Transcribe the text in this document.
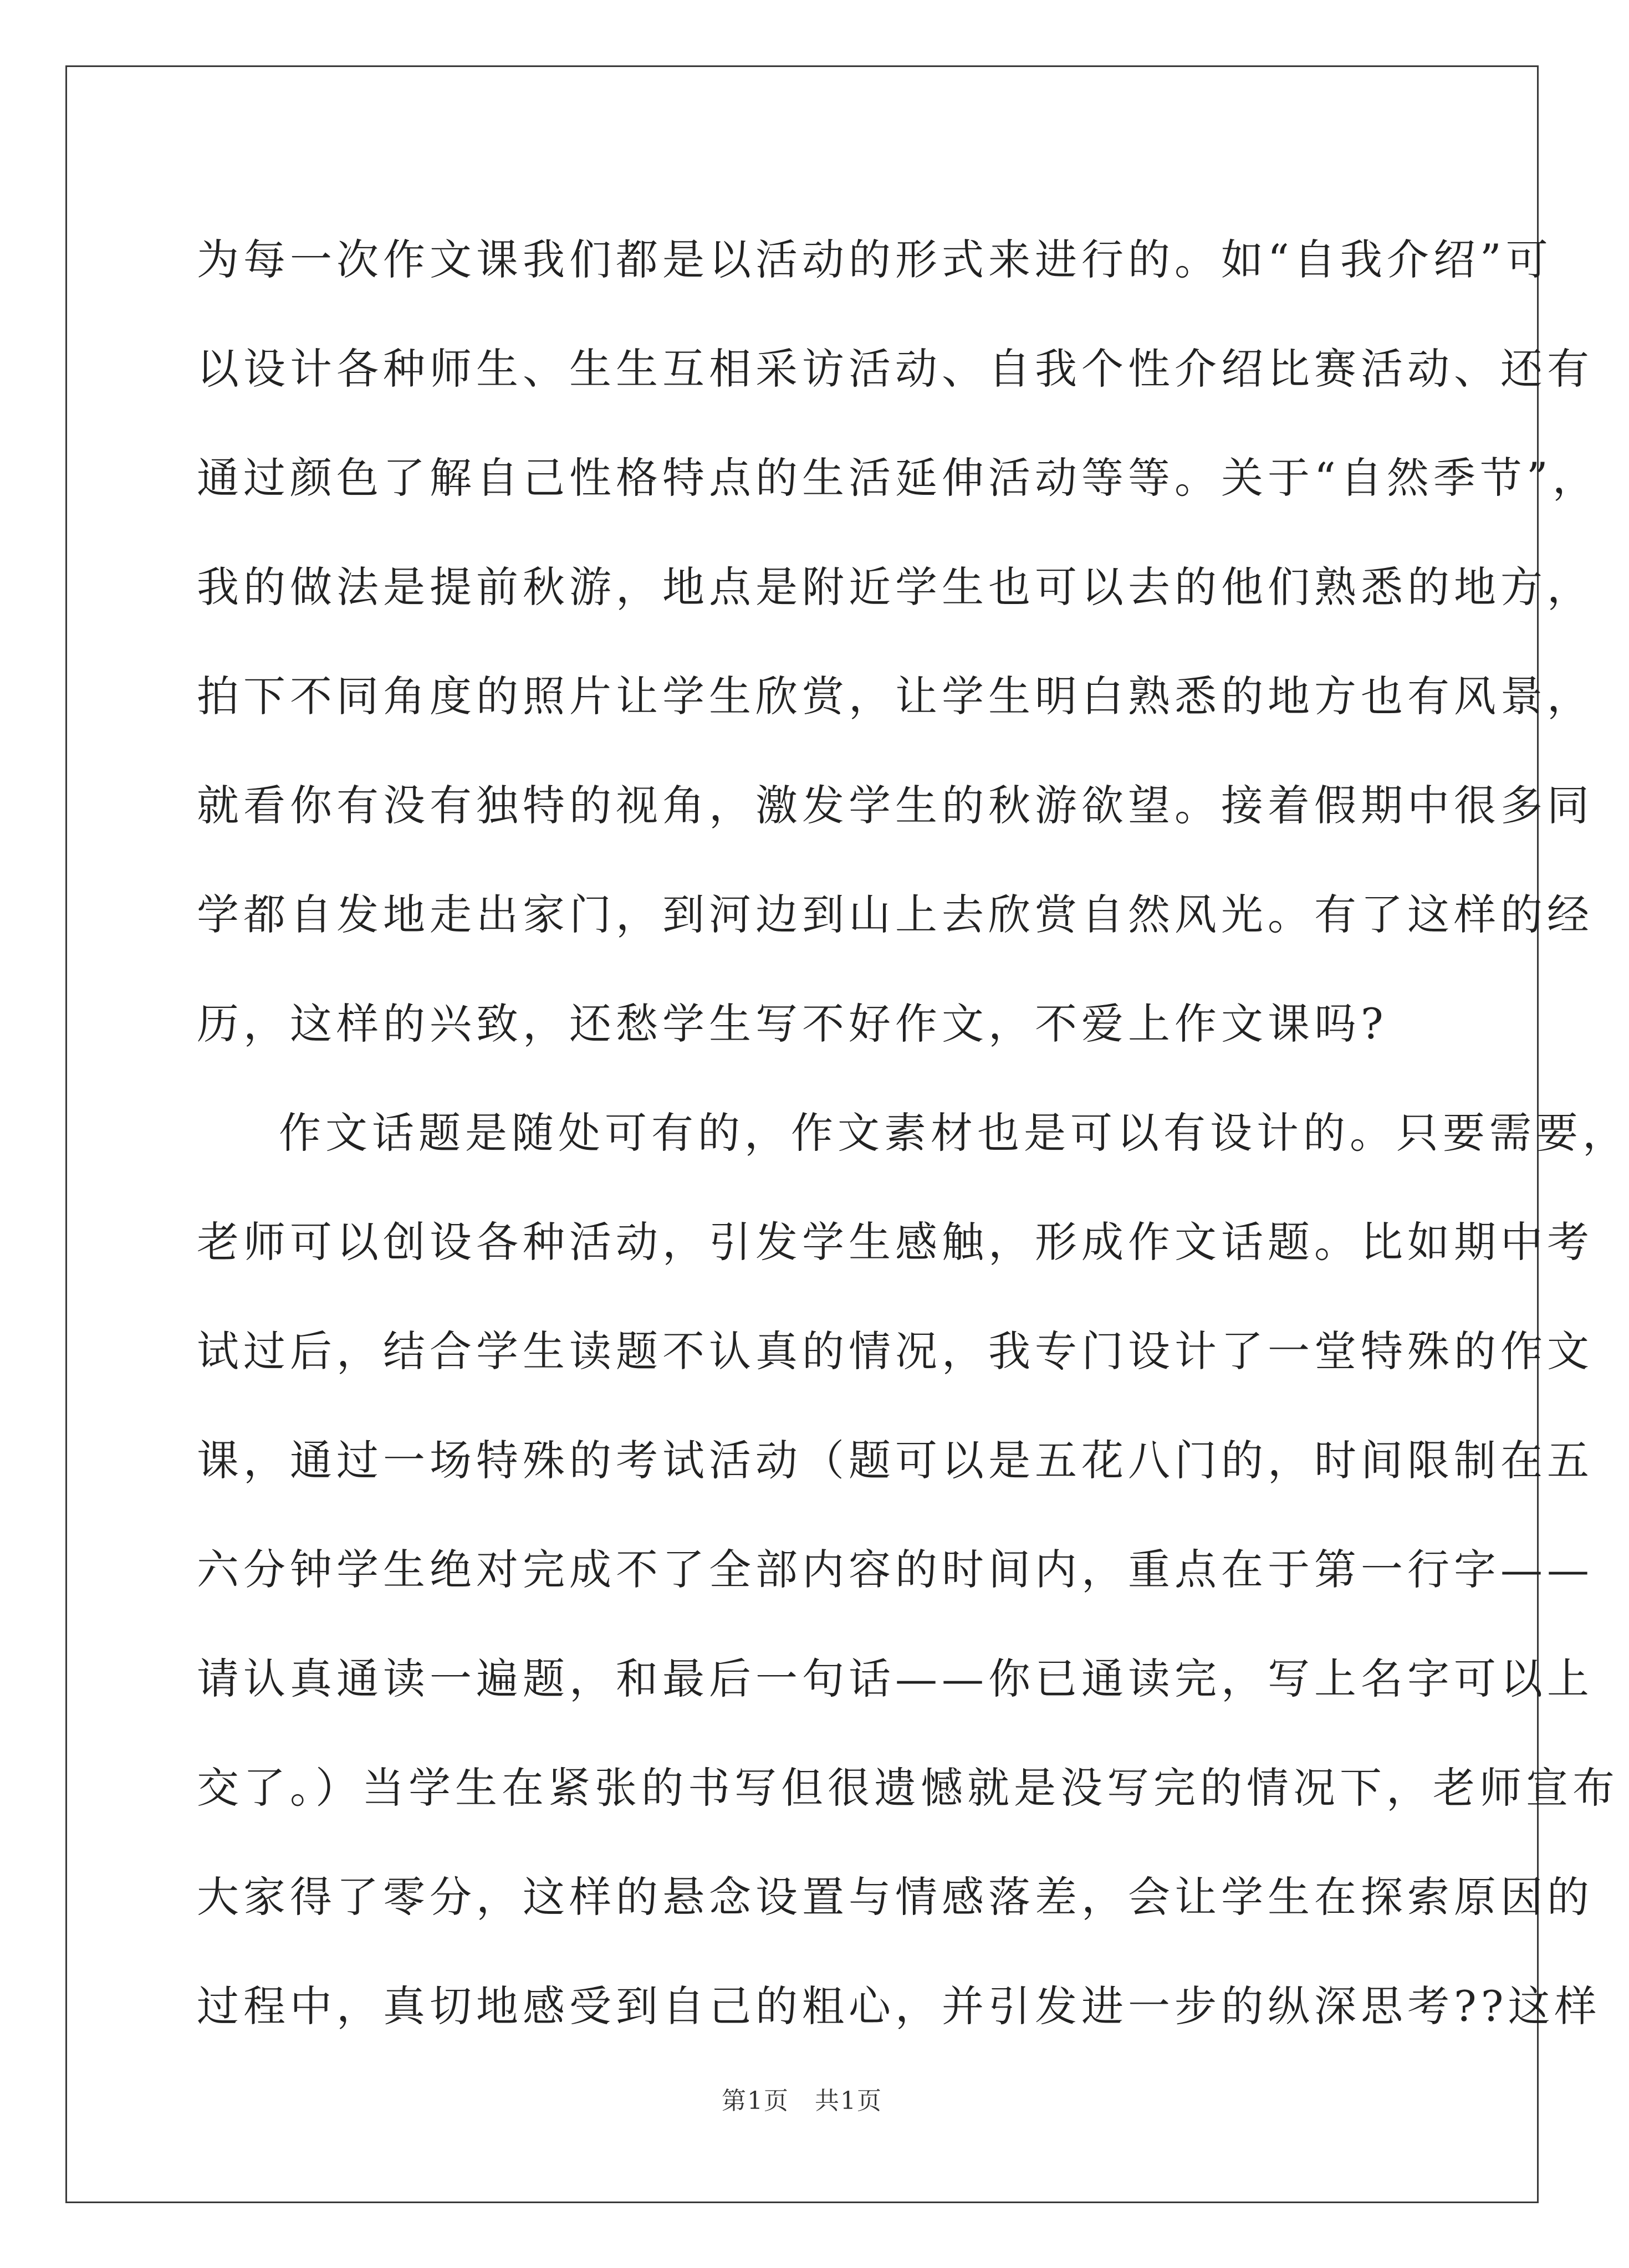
为每一次作文课我们都是以活动的形式来进行的。如“自我介绍”可
以设计各种师生、生生互相采访活动、自我个性介绍比赛活动、还有
通过颜色了解自己性格特点的生活延伸活动等等。关于“自然季节”，
我的做法是提前秋游，地点是附近学生也可以去的他们熟悉的地方，
拍下不同角度的照片让学生欣赏，让学生明白熟悉的地方也有风景，
就看你有没有独特的视角，激发学生的秋游欲望。接着假期中很多同
学都自发地走出家门，到河边到山上去欣赏自然风光。有了这样的经
历，这样的兴致，还愁学生写不好作文，不爱上作文课吗?
作文话题是随处可有的，作文素材也是可以有设计的。只要需要，
老师可以创设各种活动，引发学生感触，形成作文话题。比如期中考
试过后，结合学生读题不认真的情况，我专门设计了一堂特殊的作文
课，通过一场特殊的考试活动（题可以是五花八门的，时间限制在五
六分钟学生绝对完成不了全部内容的时间内，重点在于第一行字——
请认真通读一遍题，和最后一句话——你已通读完，写上名字可以上
交了。）当学生在紧张的书写但很遗憾就是没写完的情况下，老师宣布
大家得了零分，这样的悬念设置与情感落差，会让学生在探索原因的
过程中，真切地感受到自己的粗心，并引发进一步的纵深思考??这样
第1页　共1页
